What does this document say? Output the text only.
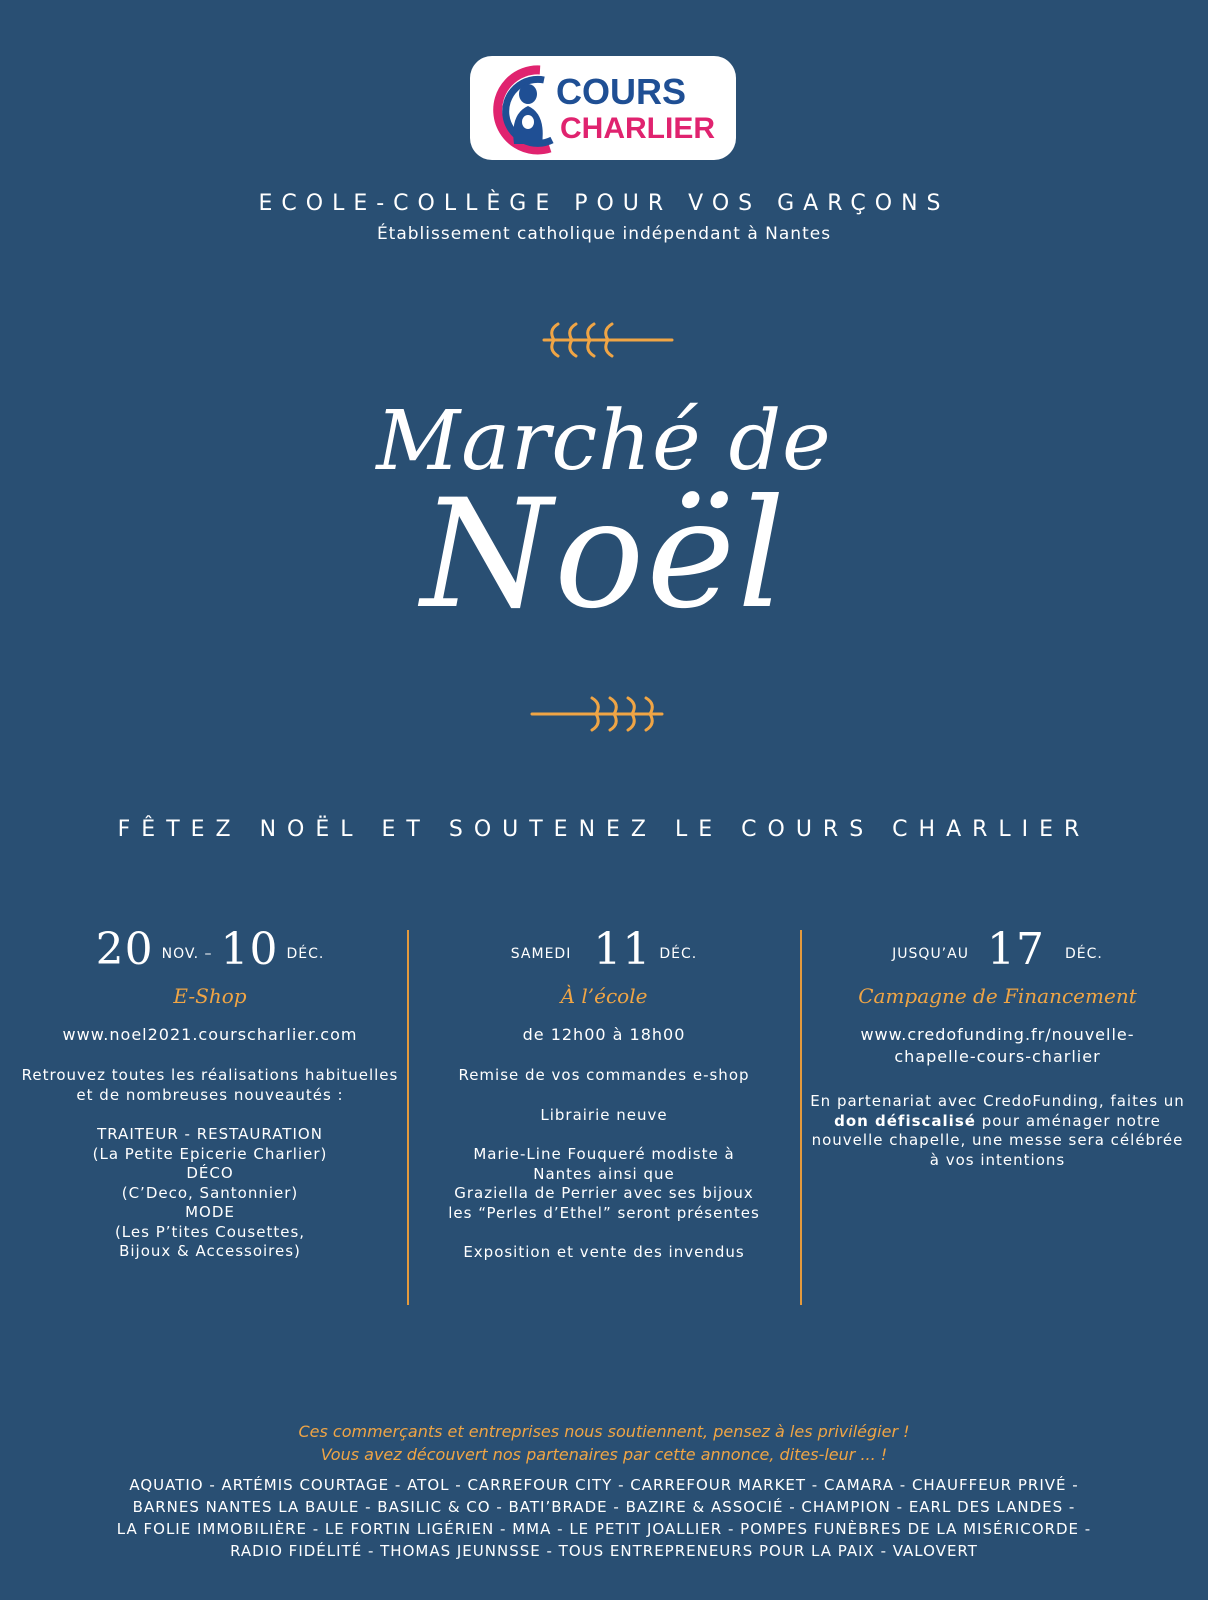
COURS
CHARLIER
ECOLE-COLLÈGE POUR VOS GARÇONS
Établissement catholique indépendant à Nantes
Marché de
Noël
FÊTEZ NOËL ET SOUTENEZ LE COURS CHARLIER
20 NOV. – 10 DÉC.
E-Shop
www.noel2021.courscharlier.com

Retrouvez toutes les réalisations habituelles et de nombreuses nouveautés :

TRAITEUR - RESTAURATION
(La Petite Epicerie Charlier)
DÉCO
(C’Deco, Santonnier)
MODE
(Les P’tites Cousettes,
Bijoux & Accessoires)

SAMEDI 11 DÉC.
À l’école
de 12h00 à 18h00

Remise de vos commandes e-shop

Librairie neuve

Marie-Line Fouqueré modiste à Nantes ainsi que
Graziella de Perrier avec ses bijoux les “Perles d’Ethel” seront présentes

Exposition et vente des invendus

JUSQU’AU 17 DÉC.
Campagne de Financement
www.credofunding.fr/nouvelle-chapelle-cours-charlier
En partenariat avec CredoFunding, faites un don défiscalisé pour aménager notre nouvelle chapelle, une messe sera célébrée à vos intentions
Ces commerçants et entreprises nous soutiennent, pensez à les privilégier !
Vous avez découvert nos partenaires par cette annonce, dites-leur ... !
AQUATIO - ARTÉMIS COURTAGE - ATOL - CARREFOUR CITY - CARREFOUR MARKET - CAMARA - CHAUFFEUR PRIVÉ -
BARNES NANTES LA BAULE - BASILIC & CO - BATI’BRADE - BAZIRE & ASSOCIÉ - CHAMPION - EARL DES LANDES -
LA FOLIE IMMOBILIÈRE - LE FORTIN LIGÉRIEN - MMA - LE PETIT JOALLIER - POMPES FUNÈBRES DE LA MISÉRICORDE -
RADIO FIDÉLITÉ - THOMAS JEUNNSSE - TOUS ENTREPRENEURS POUR LA PAIX - VALOVERT
